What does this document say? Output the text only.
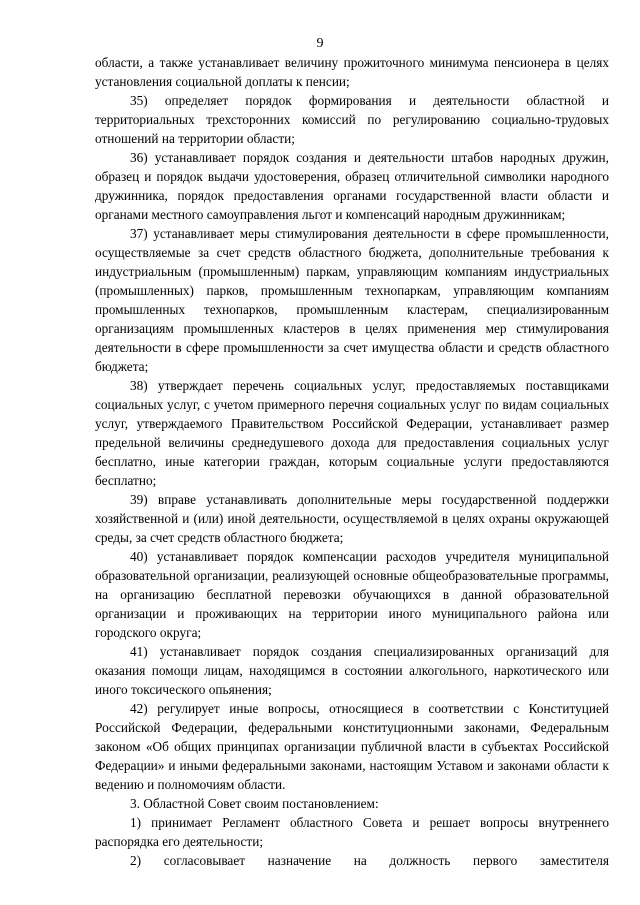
9

области, а также устанавливает величину прожиточного минимума пенсионера в целях установления социальной доплаты к пенсии;

35) определяет порядок формирования и деятельности областной и территориальных трехсторонних комиссий по регулированию социально-трудовых отношений на территории области;

36) устанавливает порядок создания и деятельности штабов народных дружин, образец и порядок выдачи удостоверения, образец отличительной символики народного дружинника, порядок предоставления органами государственной власти области и органами местного самоуправления льгот и компенсаций народным дружинникам;

37) устанавливает меры стимулирования деятельности в сфере промышленности, осуществляемые за счет средств областного бюджета, дополнительные требования к индустриальным (промышленным) паркам, управляющим компаниям индустриальных (промышленных) парков, промышленным технопаркам, управляющим компаниям промышленных технопарков, промышленным кластерам, специализированным организациям промышленных кластеров в целях применения мер стимулирования деятельности в сфере промышленности за счет имущества области и средств областного бюджета;

38) утверждает перечень социальных услуг, предоставляемых поставщиками социальных услуг, с учетом примерного перечня социальных услуг по видам социальных услуг, утверждаемого Правительством Российской Федерации, устанавливает размер предельной величины среднедушевого дохода для предоставления социальных услуг бесплатно, иные категории граждан, которым социальные услуги предоставляются бесплатно;

39) вправе устанавливать дополнительные меры государственной поддержки хозяйственной и (или) иной деятельности, осуществляемой в целях охраны окружающей среды, за счет средств областного бюджета;

40) устанавливает порядок компенсации расходов учредителя муниципальной образовательной организации, реализующей основные общеобразовательные программы, на организацию бесплатной перевозки обучающихся в данной образовательной организации и проживающих на территории иного муниципального района или городского округа;

41) устанавливает порядок создания специализированных организаций для оказания помощи лицам, находящимся в состоянии алкогольного, наркотического или иного токсического опьянения;

42) регулирует иные вопросы, относящиеся в соответствии с Конституцией Российской Федерации, федеральными конституционными законами, Федеральным законом «Об общих принципах организации публичной власти в субъектах Российской Федерации» и иными федеральными законами, настоящим Уставом и законами области к ведению и полномочиям области.

3. Областной Совет своим постановлением:

1) принимает Регламент областного Совета и решает вопросы внутреннего распорядка его деятельности;

2) согласовывает назначение на должность первого заместителя
